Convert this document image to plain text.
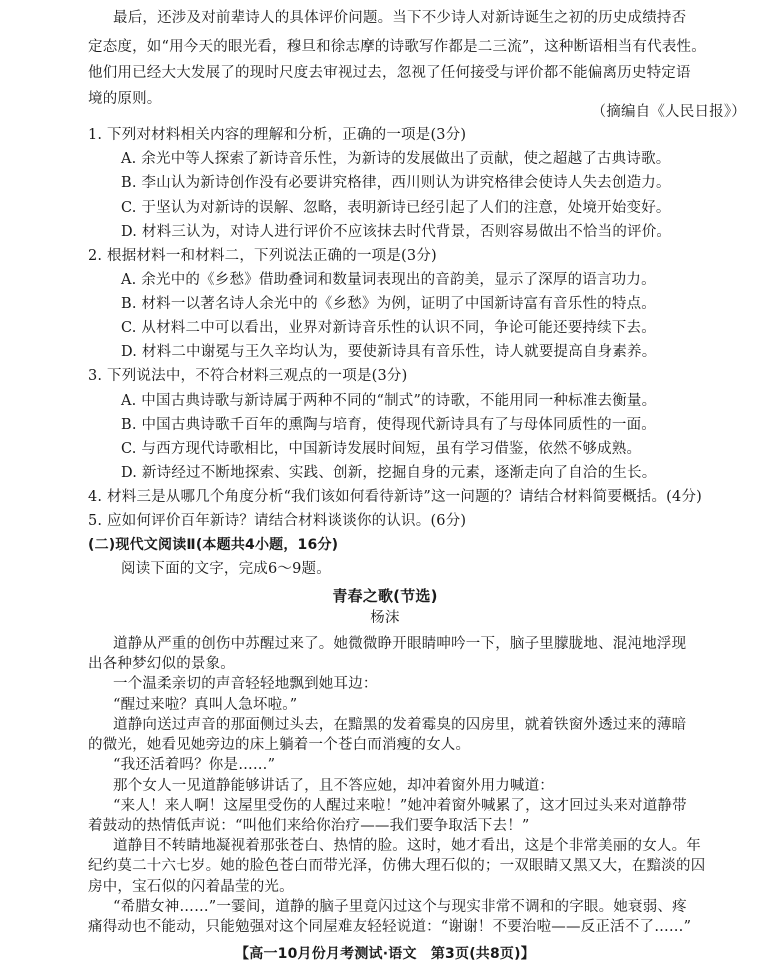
最后，还涉及对前辈诗人的具体评价问题。当下不少诗人对新诗诞生之初的历史成绩持否
定态度，如“用今天的眼光看，穆旦和徐志摩的诗歌写作都是二三流”，这种断语相当有代表性。
他们用已经大大发展了的现时尺度去审视过去，忽视了任何接受与评价都不能偏离历史特定语
境的原则。
（摘编自《人民日报》）
1. 下列对材料相关内容的理解和分析，正确的一项是(3分)
A. 余光中等人探索了新诗音乐性，为新诗的发展做出了贡献，使之超越了古典诗歌。
B. 李山认为新诗创作没有必要讲究格律，西川则认为讲究格律会使诗人失去创造力。
C. 于坚认为对新诗的误解、忽略，表明新诗已经引起了人们的注意，处境开始变好。
D. 材料三认为，对诗人进行评价不应该抹去时代背景，否则容易做出不恰当的评价。
2. 根据材料一和材料二，下列说法正确的一项是(3分)
A. 余光中的《乡愁》借助叠词和数量词表现出的音韵美，显示了深厚的语言功力。
B. 材料一以著名诗人余光中的《乡愁》为例，证明了中国新诗富有音乐性的特点。
C. 从材料二中可以看出，业界对新诗音乐性的认识不同，争论可能还要持续下去。
D. 材料二中谢冕与王久辛均认为，要使新诗具有音乐性，诗人就要提高自身素养。
3. 下列说法中，不符合材料三观点的一项是(3分)
A. 中国古典诗歌与新诗属于两种不同的“制式”的诗歌，不能用同一种标准去衡量。
B. 中国古典诗歌千百年的熏陶与培育，使得现代新诗具有了与母体同质性的一面。
C. 与西方现代诗歌相比，中国新诗发展时间短，虽有学习借鉴，依然不够成熟。
D. 新诗经过不断地探索、实践、创新，挖掘自身的元素，逐渐走向了自洽的生长。
4. 材料三是从哪几个角度分析“我们该如何看待新诗”这一问题的？请结合材料简要概括。(4分)
5. 应如何评价百年新诗？请结合材料谈谈你的认识。(6分)
(二)现代文阅读Ⅱ(本题共4小题，16分)
阅读下面的文字，完成6～9题。
青春之歌(节选)
杨沫
道静从严重的创伤中苏醒过来了。她微微睁开眼睛呻吟一下，脑子里朦胧地、混沌地浮现
出各种梦幻似的景象。
一个温柔亲切的声音轻轻地飘到她耳边：
“醒过来啦？真叫人急坏啦。”
道静向送过声音的那面侧过头去，在黯黑的发着霉臭的囚房里，就着铁窗外透过来的薄暗
的微光，她看见她旁边的床上躺着一个苍白而消瘦的女人。
“我还活着吗？你是……”
那个女人一见道静能够讲话了，且不答应她，却冲着窗外用力喊道：
“来人！来人啊！这屋里受伤的人醒过来啦！”她冲着窗外喊累了，这才回过头来对道静带
着鼓动的热情低声说：“叫他们来给你治疗——我们要争取活下去！”
道静目不转睛地凝视着那张苍白、热情的脸。这时，她才看出，这是个非常美丽的女人。年
纪约莫二十六七岁。她的脸色苍白而带光泽，仿佛大理石似的；一双眼睛又黑又大，在黯淡的囚
房中，宝石似的闪着晶莹的光。
“希腊女神……”一霎间，道静的脑子里竟闪过这个与现实非常不调和的字眼。她衰弱、疼
痛得动也不能动，只能勉强对这个同屋难友轻轻说道：“谢谢！不要治啦——反正活不了……”
【高一10月份月考测试·语文　第3页(共8页)】
